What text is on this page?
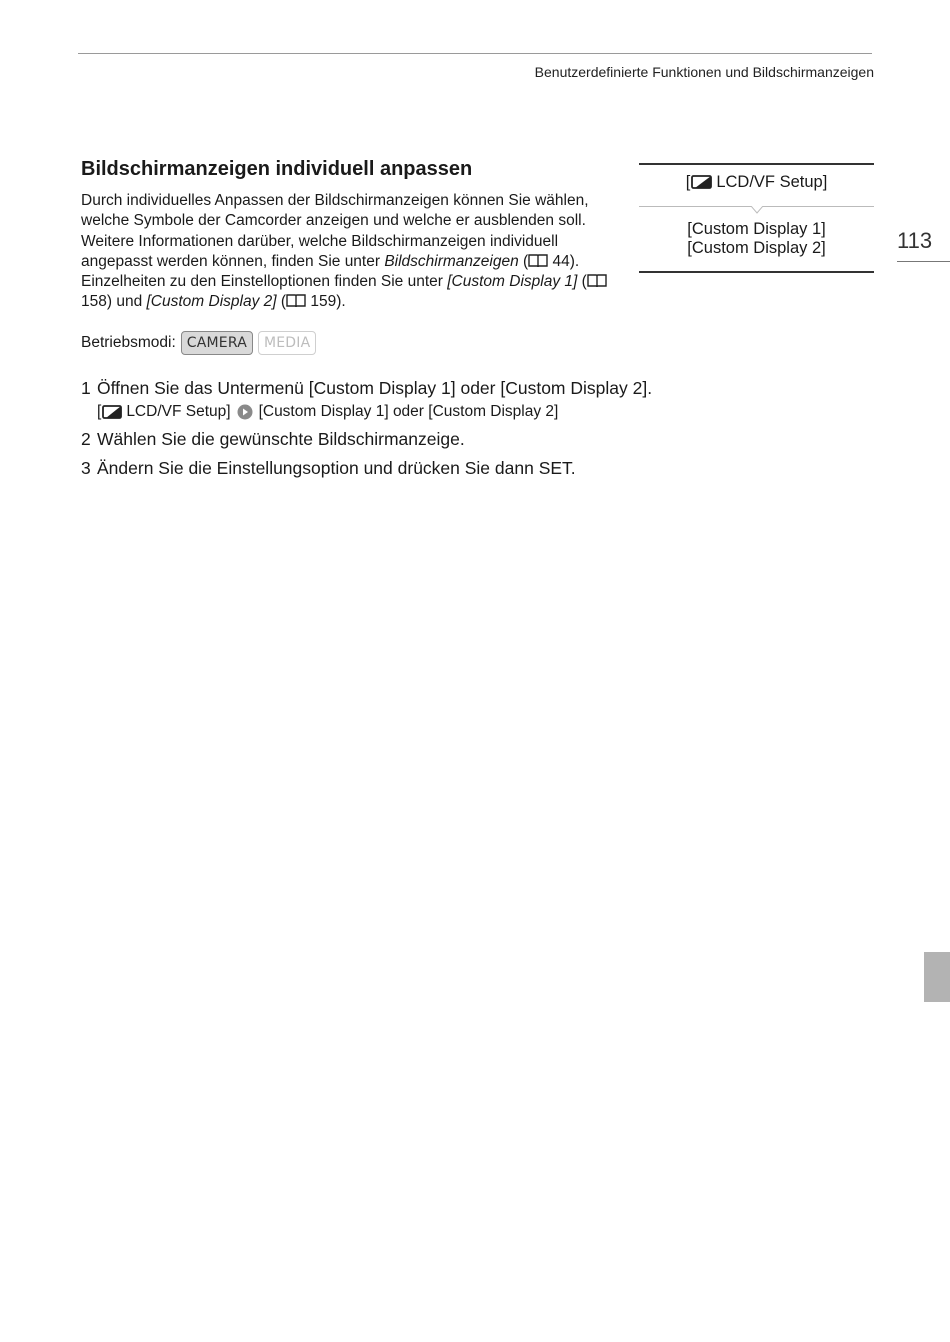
Benutzerdefinierte Funktionen und Bildschirmanzeigen
Bildschirmanzeigen individuell anpassen

Durch individuelles Anpassen der Bildschirmanzeigen können Sie wählen, welche Symbole der Camcorder anzeigen und welche er ausblenden soll. Weitere Informationen darüber, welche Bildschirmanzeigen individuell angepasst werden können, finden Sie unter Bildschirmanzeigen ( 44). Einzelheiten zu den Einstelloptionen finden Sie unter [Custom Display 1] ( 158) und [Custom Display 2] ( 159).

Betriebsmodi: CAMERA	MEDIA
1 Öffnen Sie das Untermenü [Custom Display 1] oder [Custom Display 2].
[ LCD/VF Setup] [Custom Display 1] oder [Custom Display 2]
2 Wählen Sie die gewünschte Bildschirmanzeige.
3 Ändern Sie die Einstellungsoption und drücken Sie dann SET.
[ LCD/VF Setup]
[Custom Display 1]
[Custom Display 2]	113
